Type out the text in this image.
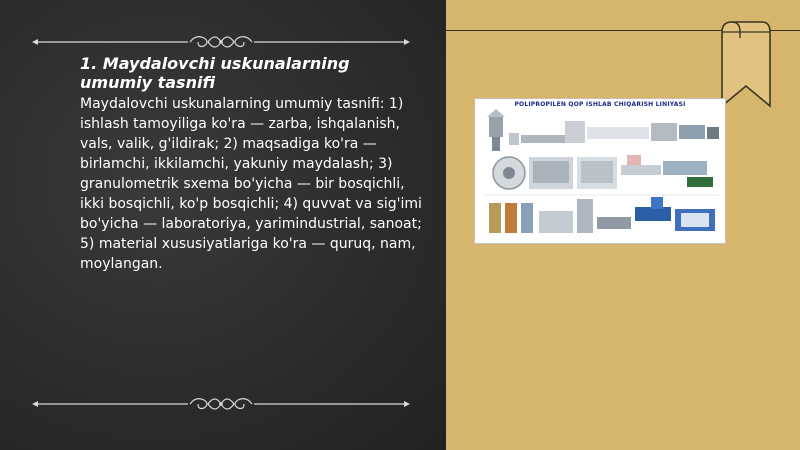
1. Maydalovchi uskunalarning umumiy tasnifi
Maydalovchi uskunalarning umumiy tasnifi: 1) ishlash tamoyiliga ko'ra — zarba, ishqalanish, vals, valik, g'ildirak; 2) maqsadiga ko'ra — birlamchi, ikkilamchi, yakuniy maydalash; 3) granulometrik sxema bo'yicha — bir bosqichli, ikki bosqichli, ko'p bosqichli; 4) quvvat va sig'imi bo'yicha — laboratoriya, yarimindustrial, sanoat; 5) material xususiyatlariga ko'ra — quruq, nam, moylangan.
POLIPROPILEN QOP ISHLAB CHIQARISH LINIYASI
